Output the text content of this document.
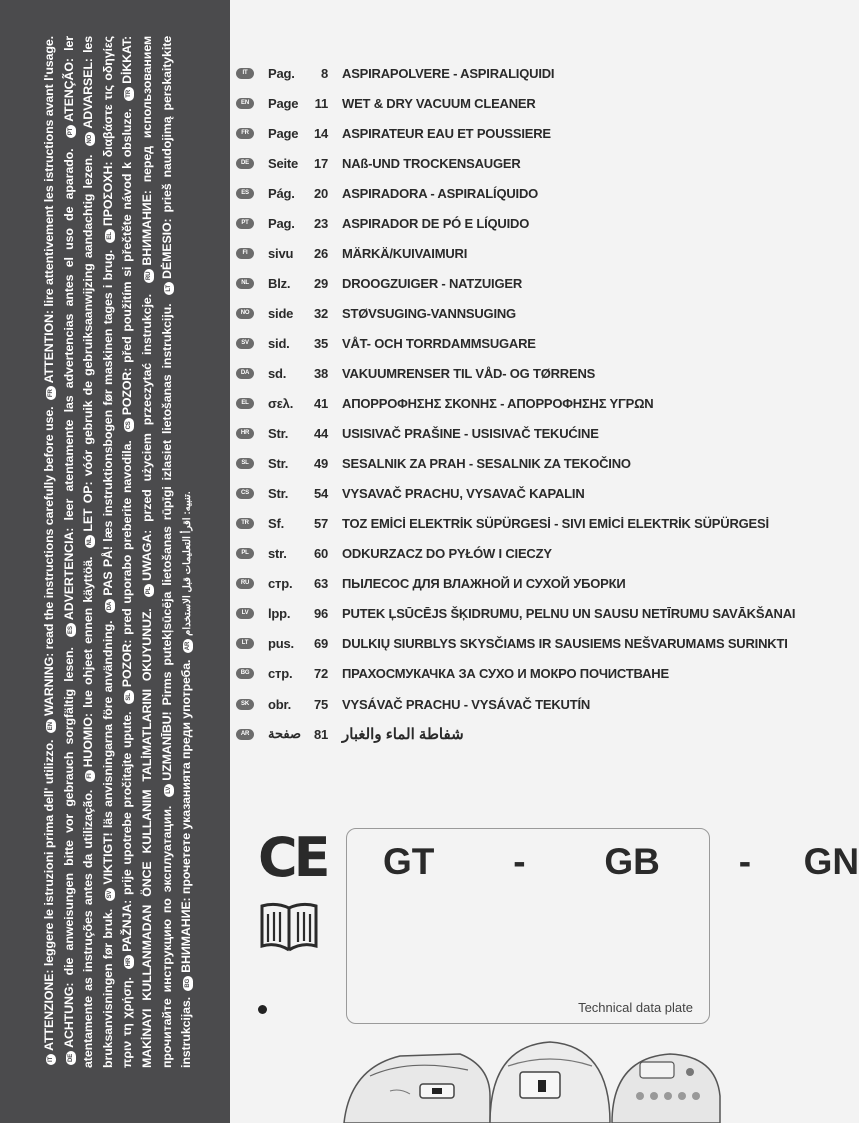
ITATTENZIONE: leggere le istruzioni prima dell' utilizzo. ENWARNING: read the instructions carefully before use. FRATTENTION: lire attentivement les istructions avant l'usage. DEACHTUNG: die anweisungen bitte vor gebrauch sorgfältig lesen. ESADVERTENCIA: leer atentamente las advertencias antes el uso de aparado. PTATENÇÃO: ler atentamente as instruções antes da utilização. FIHUOMIO: lue ohjeet ennen käyttöä. NLLET OP: vóór gebruik de gebruiksaanwijzing aandachtig lezen. NOADVARSEL: les bruksanvisningen før bruk. SVVIKTIGT! läs anvisningarna före användning. DAPAS PÅ! læs instruktionsbogen før maskinen tages i brug. ELΠΡΟΣΟΧΗ: διαβάστε τις οδηγίες πριν τη χρήση. HRPAŽNJA: prije upotrebe pročitajte upute. SLPOZOR: pred uporabo preberite navodila. CSPOZOR: před použitím si přečtěte návod k obsluze. TRDİKKAT: MAKİNAYI KULLANMADAN ÖNCE KULLANIM TALİMATLARINI OKUYUNUZ. PLUWAGA: przed użyciem przeczytać instrukcje. RUВНИМАНИЕ: перед использованием прочитайте инструкцию по эксплуатации. LVUZMANĪBU! Pirms putekļsūcēja lietošanas rūpīgi izlasiet lietošanas instrukciju. LTDĖMESIO: prieš naudojimą perskaitykite instrukcijas. BGВНИМАНИЕ: прочетете указанията преди употреба. ARتنبيه: اقرأ التعليمات قبل الاستخدام.
IT	Pag.	8 ASPIRAPOLVERE - ASPIRALIQUIDI
EN	Page	11 WET & DRY VACUUM CLEANER
FR	Page	14 ASPIRATEUR EAU ET POUSSIERE
DE	Seite	17 NAß-UND TROCKENSAUGER
ES	Pág.	20 ASPIRADORA - ASPIRALÍQUIDO
PT	Pag.	23 ASPIRADOR DE PÓ E LÍQUIDO
FI	sivu	26 MÄRKÄ/KUIVAIMURI
NL	Blz.	29 DROOGZUIGER - NATZUIGER
NO	side	32 STØVSUGING-VANNSUGING
SV	sid.	35 VÅT- OCH TORRDAMMSUGARE
DA	sd.	38 VAKUUMRENSER TIL VÅD- OG TØRRENS
EL	σελ.	41 ΑΠΟΡΡΟΦΗΣΗΣ ΣΚΟΝΗΣ - ΑΠΟΡΡΟΦΗΣΗΣ ΥΓΡΩΝ
HR	Str.	44 USISIVAČ PRAŠINE - USISIVAČ TEKUĆINE
SL	Str.	49 SESALNIK ZA PRAH - SESALNIK ZA TEKOČINO
CS	Str.	54 VYSAVAČ PRACHU, VYSAVAČ KAPALIN
TR	Sf.	57 TOZ EMİCİ ELEKTRİK SÜPÜRGESİ - SIVI EMİCİ ELEKTRİK SÜPÜRGESİ
PL	str.	60 ODKURZACZ DO PYŁÓW I CIECZY
RU	стр.	63 ПЫЛЕСОС ДЛЯ ВЛАЖНОЙ И СУХОЙ УБОРКИ
LV	lpp.	96 PUTEK ĻSŪCĒJS ŠĶIDRUMU, PELNU UN SAUSU NETĪRUMU SAVĀKŠANAI
LT	pus.	69 DULKIŲ SIURBLYS SKYSČIAMS IR SAUSIEMS NEŠVARUMAMS SURINKTI
BG	стр.	72 ПРАХОСМУКАЧКА ЗА СУХО И МОКРО ПОЧИСТВАНЕ
SK	obr.	75 VYSÁVAČ PRACHU - VYSÁVAČ TEKUTÍN
AR	صفحة 81 شفاطة الماء والغبار
CE GT   -   GB   -  GN
Technical data plate
